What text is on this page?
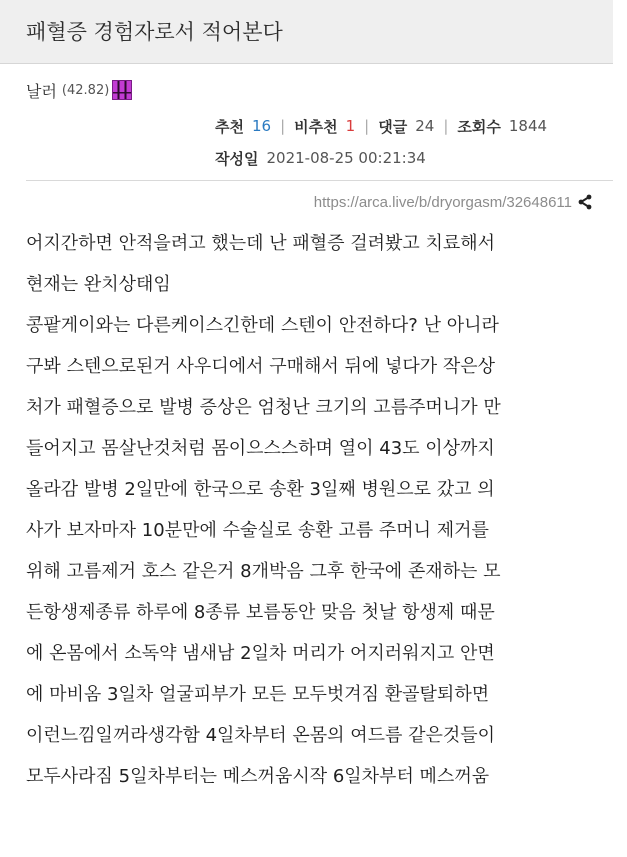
패혈증 경험자로서 적어본다
날러 (42.82)
추천 16 | 비추천 1 | 댓글 24 | 조회수 1844
작성일 2021-08-25 00:21:34
https://arca.live/b/dryorgasm/32648611
어지간하면 안적을려고 했는데 난 패혈증 걸려봤고 치료해서
현재는 완치상태임
콩팥게이와는 다른케이스긴한데 스텐이 안전하다? 난 아니라
구봐 스텐으로된거 사우디에서 구매해서 뒤에 넣다가 작은상
처가 패혈증으로 발병 증상은 엄청난 크기의 고름주머니가 만
들어지고 몸살난것처럼 몸이으스스하며 열이 43도 이상까지
올라감 발병 2일만에 한국으로 송환 3일째 병원으로 갔고 의
사가 보자마자 10분만에 수술실로 송환 고름 주머니 제거를
위해 고름제거 호스 같은거 8개박음 그후 한국에 존재하는 모
든항생제종류 하루에 8종류 보름동안 맞음 첫날 항생제 때문
에 온몸에서 소독약 냄새남 2일차 머리가 어지러워지고 안면
에 마비옴 3일차 얼굴피부가 모든 모두벗겨짐 환골탈퇴하면
이런느낌일꺼라생각함 4일차부터 온몸의 여드름 같은것들이
모두사라짐 5일차부터는 메스꺼움시작 6일차부터 메스꺼움
